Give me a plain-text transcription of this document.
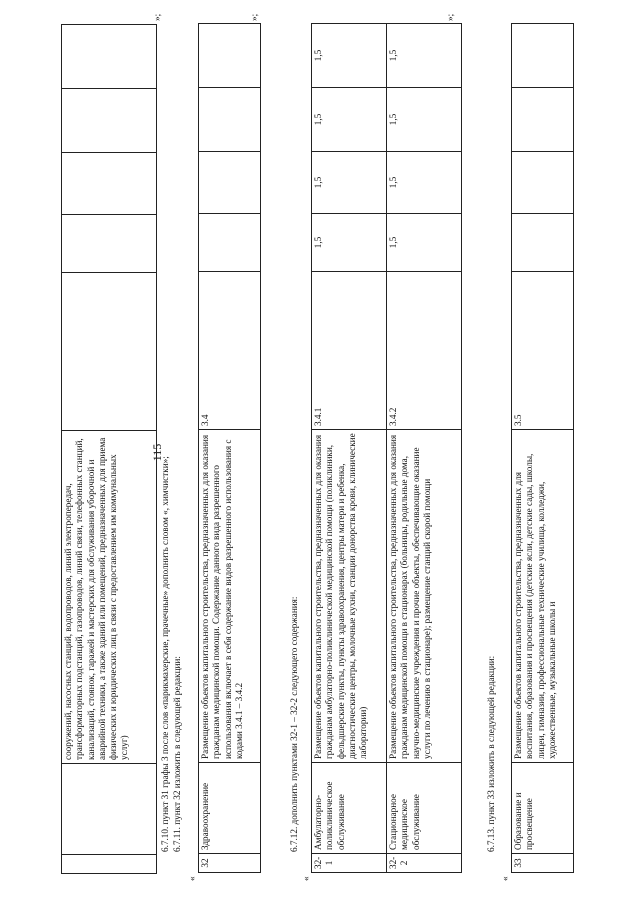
115
		сооружений, насосных станций, водопроводов, линий электропередач, трансформаторных подстанций, газопроводов, линий связи, телефонных станций, канализаций, стоянок, гаражей и мастерских для обслуживания уборочной и аварийной техники, а также зданий или помещений, предназначенных для приема физических и юридических лиц в связи с предоставлением им коммунальных услуг)					
»;
6.7.10. пункт 31 графы 3 после слов «парикмахерские, прачечные» дополнить словом «, химчистки»; 6.7.11. пункт 32 изложить в следующей редакции:
«
32	Здравоохранение	Размещение объектов капитального строительства, предназначенных для оказания гражданам медицинской помощи. Содержание данного вида разрешенного использования включает в себя содержание видов разрешенного использования с кодами 3.4.1 – 3.4.2	3.4				
»;
6.7.12. дополнить пунктами 32-1 – 32-2 следующего содержания:
«
32-1	Амбулаторно-поликлиническое обслуживание	Размещение объектов капитального строительства, предназначенных для оказания гражданам амбулаторно-поликлинической медицинской помощи (поликлиники, фельдшерские пункты, пункты здравоохранения, центры матери и ребенка, диагностические центры, молочные кухни, станции донорства крови, клинические лаборатории)	3.4.1	1,5	1,5	1,5	1,5
32-2	Стационарное медицинское обслуживание	Размещение объектов капитального строительства, предназначенных для оказания гражданам медицинской помощи в стационарах (больницы, родильные дома, научно-медицинские учреждения и прочие объекты, обеспечивающие оказание услуги по лечению в стационаре); размещение станций скорой помощи	3.4.2	1,5	1,5	1,5	1,5
»;
6.7.13. пункт 33 изложить в следующей редакции:
«
33	Образование и просвещение	Размещение объектов капитального строительства, предназначенных для воспитания, образования и просвещения (детские ясли, детские сады, школы, лицеи, гимназии, профессиональные технические училища, колледжи, художественные, музыкальные школы и	3.5				
